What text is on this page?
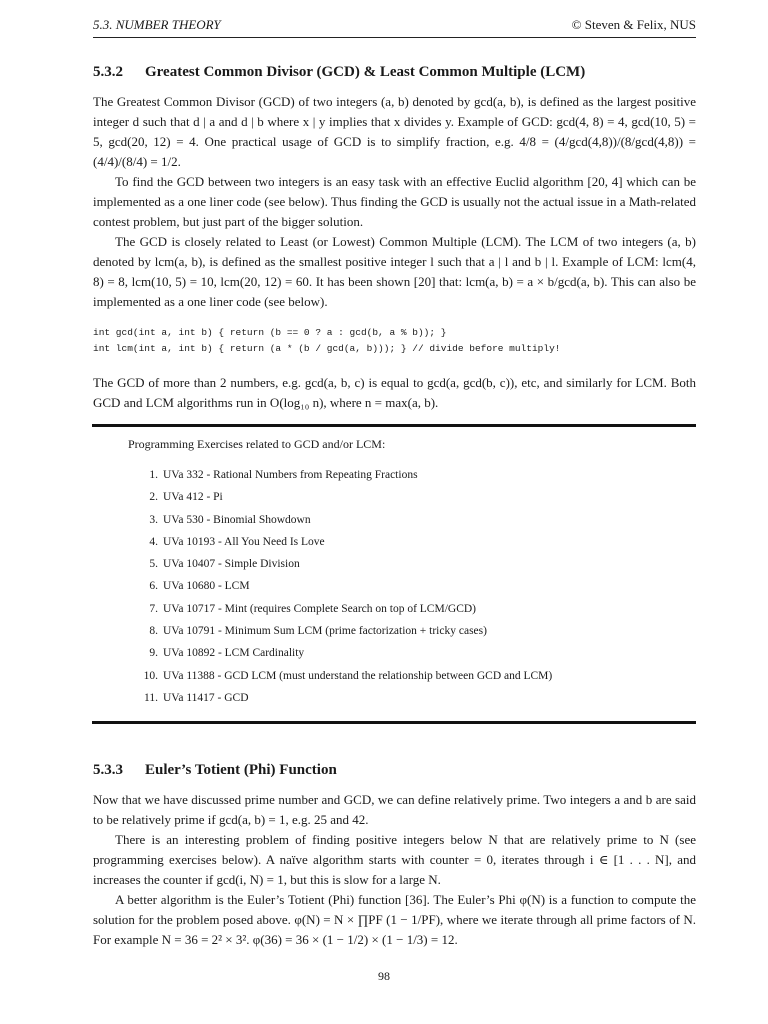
5.3. NUMBER THEORY	© Steven & Felix, NUS
5.3.2 Greatest Common Divisor (GCD) & Least Common Multiple (LCM)
The Greatest Common Divisor (GCD) of two integers (a, b) denoted by gcd(a, b), is defined as the largest positive integer d such that d | a and d | b where x | y implies that x divides y. Example of GCD: gcd(4, 8) = 4, gcd(10, 5) = 5, gcd(20, 12) = 4. One practical usage of GCD is to simplify fraction, e.g. 4/8 = (4/gcd(4,8))/(8/gcd(4,8)) = (4/4)/(8/4) = 1/2.
To find the GCD between two integers is an easy task with an effective Euclid algorithm [20, 4] which can be implemented as a one liner code (see below). Thus finding the GCD is usually not the actual issue in a Math-related contest problem, but just part of the bigger solution.
The GCD is closely related to Least (or Lowest) Common Multiple (LCM). The LCM of two integers (a, b) denoted by lcm(a, b), is defined as the smallest positive integer l such that a | l and b | l. Example of LCM: lcm(4, 8) = 8, lcm(10, 5) = 10, lcm(20, 12) = 60. It has been shown [20] that: lcm(a, b) = a × b/gcd(a, b). This can also be implemented as a one liner code (see below).
int gcd(int a, int b) { return (b == 0 ? a : gcd(b, a % b)); }
int lcm(int a, int b) { return (a * (b / gcd(a, b))); } // divide before multiply!
The GCD of more than 2 numbers, e.g. gcd(a, b, c) is equal to gcd(a, gcd(b, c)), etc, and similarly for LCM. Both GCD and LCM algorithms run in O(log₁₀ n), where n = max(a, b).
Programming Exercises related to GCD and/or LCM:
1. UVa 332 - Rational Numbers from Repeating Fractions
2. UVa 412 - Pi
3. UVa 530 - Binomial Showdown
4. UVa 10193 - All You Need Is Love
5. UVa 10407 - Simple Division
6. UVa 10680 - LCM
7. UVa 10717 - Mint (requires Complete Search on top of LCM/GCD)
8. UVa 10791 - Minimum Sum LCM (prime factorization + tricky cases)
9. UVa 10892 - LCM Cardinality
10. UVa 11388 - GCD LCM (must understand the relationship between GCD and LCM)
11. UVa 11417 - GCD
5.3.3 Euler’s Totient (Phi) Function
Now that we have discussed prime number and GCD, we can define relatively prime. Two integers a and b are said to be relatively prime if gcd(a, b) = 1, e.g. 25 and 42.
There is an interesting problem of finding positive integers below N that are relatively prime to N (see programming exercises below). A naïve algorithm starts with counter = 0, iterates through i ∈ [1 . . . N], and increases the counter if gcd(i, N) = 1, but this is slow for a large N.
A better algorithm is the Euler’s Totient (Phi) function [36]. The Euler’s Phi φ(N) is a function to compute the solution for the problem posed above. φ(N) = N × ∏PF (1 − 1/PF), where we iterate through all prime factors of N. For example N = 36 = 2² × 3². φ(36) = 36 × (1 − 1/2) × (1 − 1/3) = 12.
98
